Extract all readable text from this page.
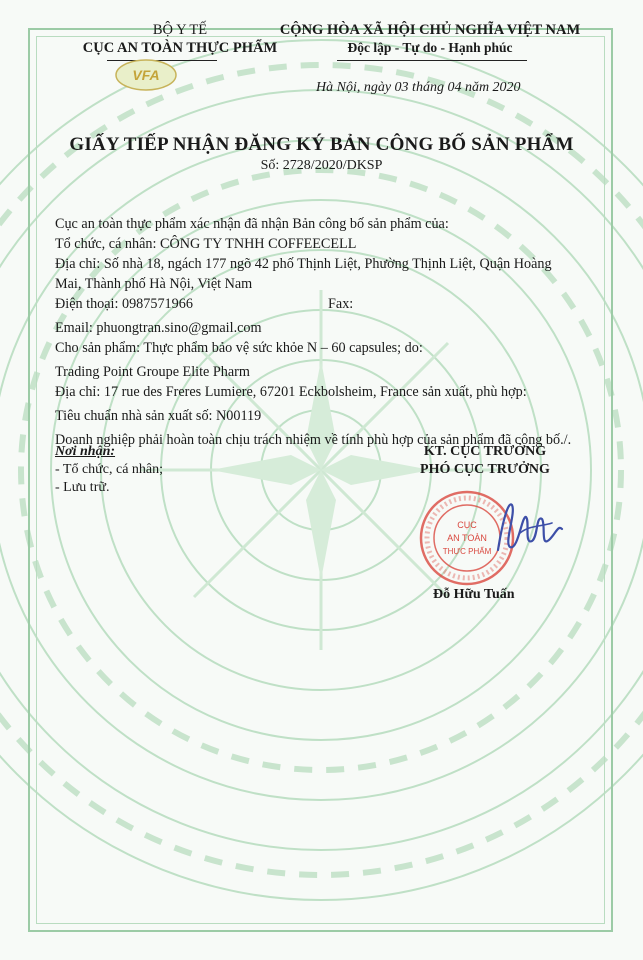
BỘ Y TẾ
CỤC AN TOÀN THỰC PHẨM
VFA
CỘNG HÒA XÃ HỘI CHỦ NGHĨA VIỆT NAM
Độc lập - Tự do - Hạnh phúc
Hà Nội, ngày 03 tháng 04 năm 2020
GIẤY TIẾP NHẬN ĐĂNG KÝ BẢN CÔNG BỐ SẢN PHẨM
Số: 2728/2020/DKSP
Cục an toàn thực phẩm xác nhận đã nhận Bản công bố sản phẩm của:
Tổ chức, cá nhân: CÔNG TY TNHH COFFEECELL
Địa chỉ: Số nhà 18, ngách 177 ngõ 42 phố Thịnh Liệt, Phường Thịnh Liệt, Quận Hoàng
Mai, Thành phố Hà Nội, Việt Nam
Điện thoại: 0987571966	Fax:
Email: phuongtran.sino@gmail.com
Cho sản phẩm: Thực phẩm bảo vệ sức khỏe N – 60 capsules; do:
Trading Point Groupe Elite Pharm
Địa chỉ: 17 rue des Freres Lumiere, 67201 Eckbolsheim, France sản xuất, phù hợp:
Tiêu chuẩn nhà sản xuất số: N00119
Doanh nghiệp phải hoàn toàn chịu trách nhiệm về tính phù hợp của sản phẩm đã công bố./.
Nơi nhận:
- Tổ chức, cá nhân;
- Lưu trữ.
KT. CỤC TRƯỞNG
PHÓ CỤC TRƯỞNG
CỤC
AN TOÀN
THỰC PHẨM
Đỗ Hữu Tuấn
